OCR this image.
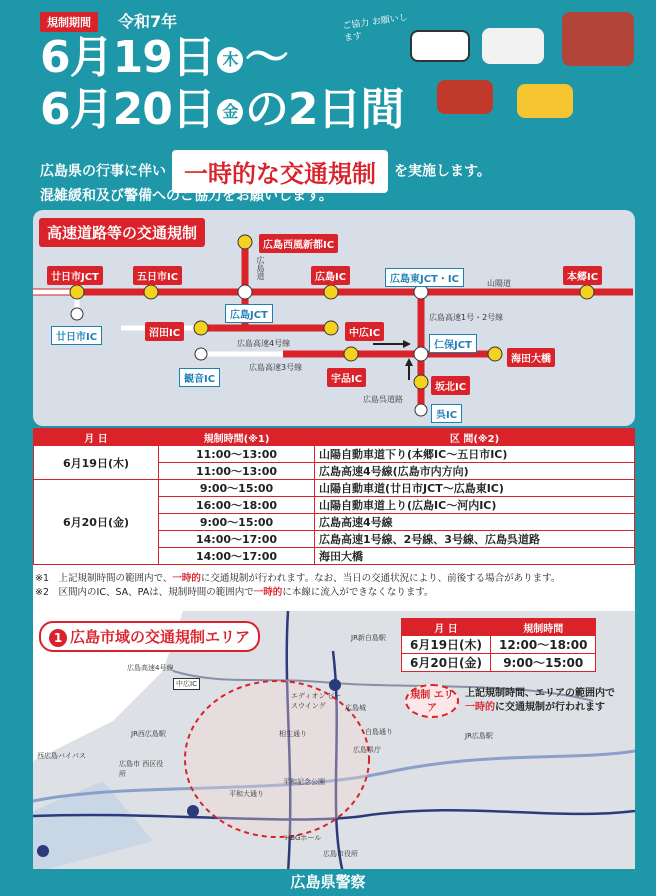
規制期間	令和7年
6月19日 木 〜
6月20日 金 の2日間
広島県の行事に伴い 一時的な交通規制 を実施します。
混雑緩和及び警備へのご協力をお願いします。
ご協力 お願いします
高速道路等の交通規制
広島西風新都IC
廿日市JCT	五日市IC	広島IC	広島東JCT・IC	本郷IC
廿日市IC
広島JCT
沼田IC	中広IC
仁保JCT
海田大橋
観音IC	宇品IC
坂北IC
呉IC
山陽道
広島道
広島高速4号線
広島高速3号線
広島高速1号・2号線
広島呉道路
月 日	規制時間(※1)	区 間(※2)
6月19日(木)	11:00〜13:00	山陽自動車道下り(本郷IC〜五日市IC)
	11:00〜13:00	広島高速4号線(広島市内方向)
6月20日(金)	9:00〜15:00	山陽自動車道(廿日市JCT〜広島東IC)
	16:00〜18:00	山陽自動車道上り(広島IC〜河内IC)
	9:00〜15:00	広島高速4号線
	14:00〜17:00	広島高速1号線、2号線、3号線、広島呉道路
	14:00〜17:00	海田大橋
※1　 上記規制時間の範囲内で、一時的に交通規制が行われます。なお、当日の交通状況により、前後する場合があります。
※2　 区間内のIC、SA、PAは、規制時間の範囲内で一時的に本線に流入ができなくなります。
1 広島市域の交通規制エリア	月 日	規制時間
6月19日(木)	12:00〜18:00
6月20日(金)	9:00〜15:00
規制 エリア
上記規制時間、エリアの範囲内で
一時的に交通規制が行われます
広島高速4号線
中広IC
JR西広島駅
西広島バイパス
広島市 西区役所
JR新白島駅
エディオン ピースウイング	広島城
相生通り
広島県庁
平和記念公園
平和大通り
HBGホール
広島市役所
JR広島駅
白島通り
広島県警察
